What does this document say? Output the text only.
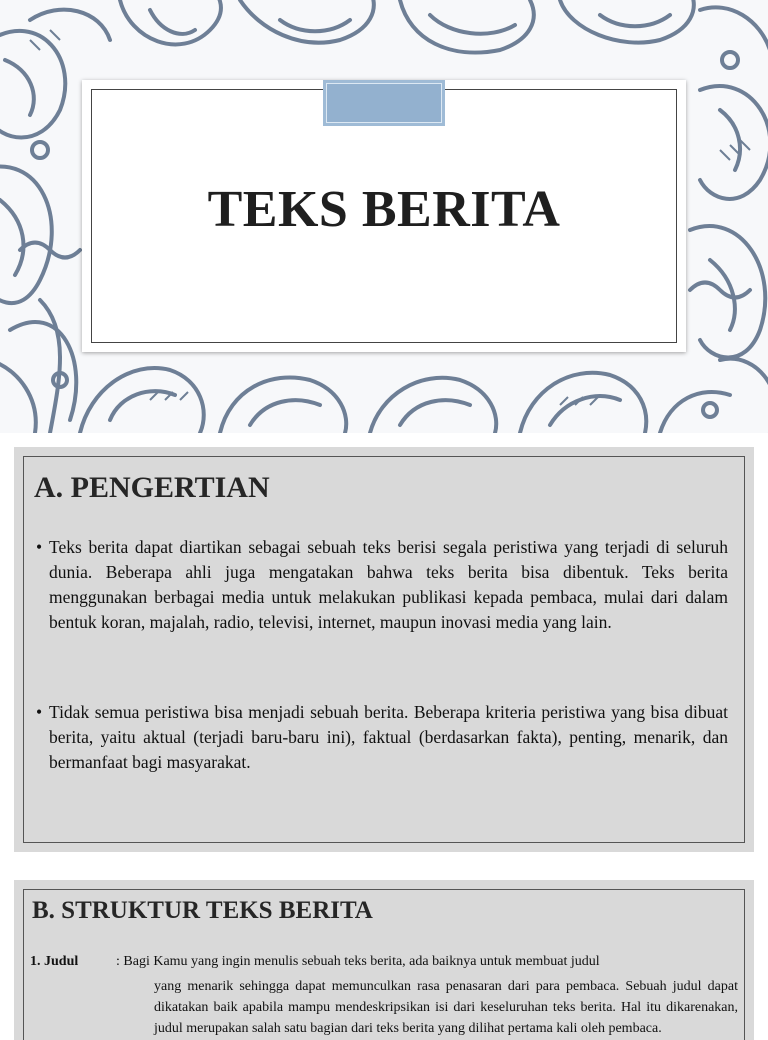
TEKS BERITA
A. PENGERTIAN
• Teks berita dapat diartikan sebagai sebuah teks berisi segala peristiwa yang terjadi di seluruh dunia. Beberapa ahli juga mengatakan bahwa teks berita bisa dibentuk. Teks berita menggunakan berbagai media untuk melakukan publikasi kepada pembaca, mulai dari dalam bentuk koran, majalah, radio, televisi, internet, maupun inovasi media yang lain.
• Tidak semua peristiwa bisa menjadi sebuah berita. Beberapa kriteria peristiwa yang bisa dibuat berita, yaitu aktual (terjadi baru-baru ini), faktual (berdasarkan fakta), penting, menarik, dan bermanfaat bagi masyarakat.
B. STRUKTUR TEKS BERITA
1. Judul	: Bagi Kamu yang ingin menulis sebuah teks berita, ada baiknya untuk membuat judul
yang menarik sehingga dapat memunculkan rasa penasaran dari para pembaca. Sebuah judul dapat dikatakan baik apabila mampu mendeskripsikan isi dari keseluruhan teks berita. Hal itu dikarenakan, judul merupakan salah satu bagian dari teks berita yang dilihat pertama kali oleh pembaca.
